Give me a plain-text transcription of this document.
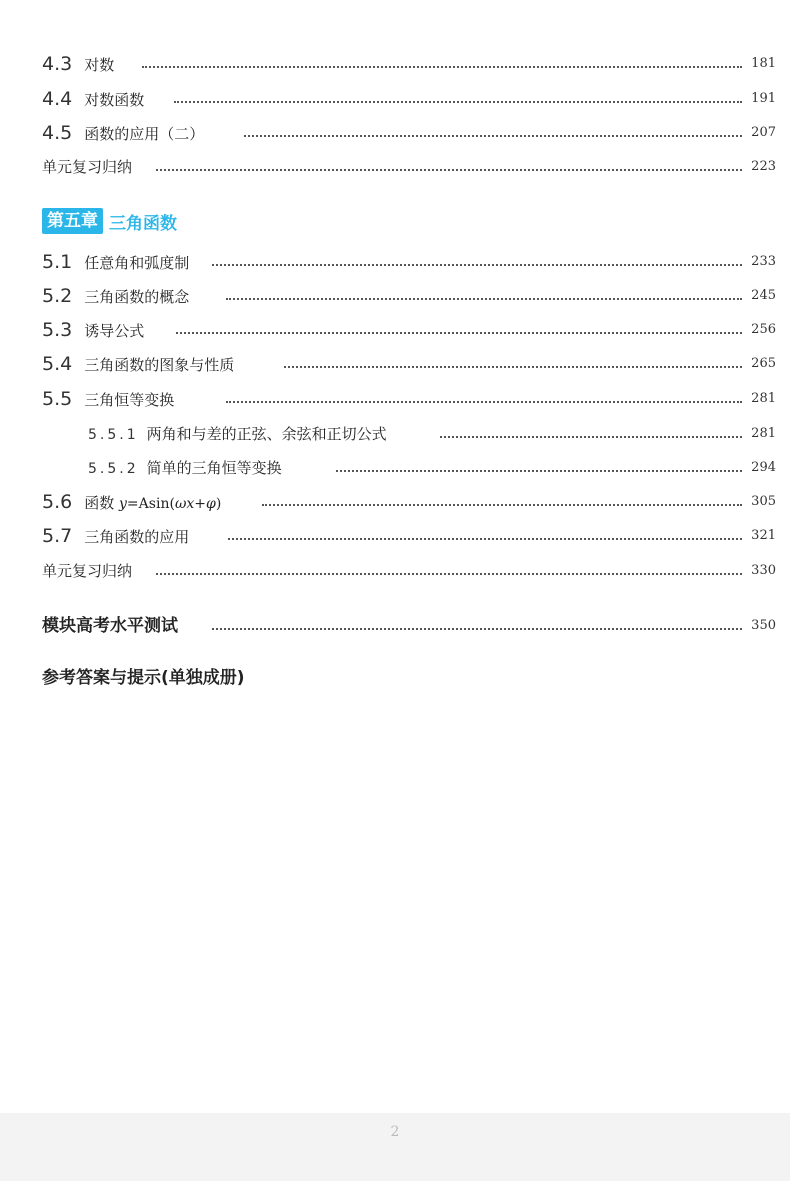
4.3 对数	181
4.4 对数函数	191
4.5 函数的应用（二）	207
单元复习归纳	223
第五章 三角函数
5.1 任意角和弧度制	233
5.2 三角函数的概念	245
5.3 诱导公式	256
5.4 三角函数的图象与性质	265
5.5 三角恒等变换	281
5.5.1 两角和与差的正弦、余弦和正切公式	281
5.5.2 简单的三角恒等变换	294
5.6 函数 y=Asin(ωx+φ)	305
5.7 三角函数的应用	321
单元复习归纳	330
模块高考水平测试	350
参考答案与提示(单独成册)
2
